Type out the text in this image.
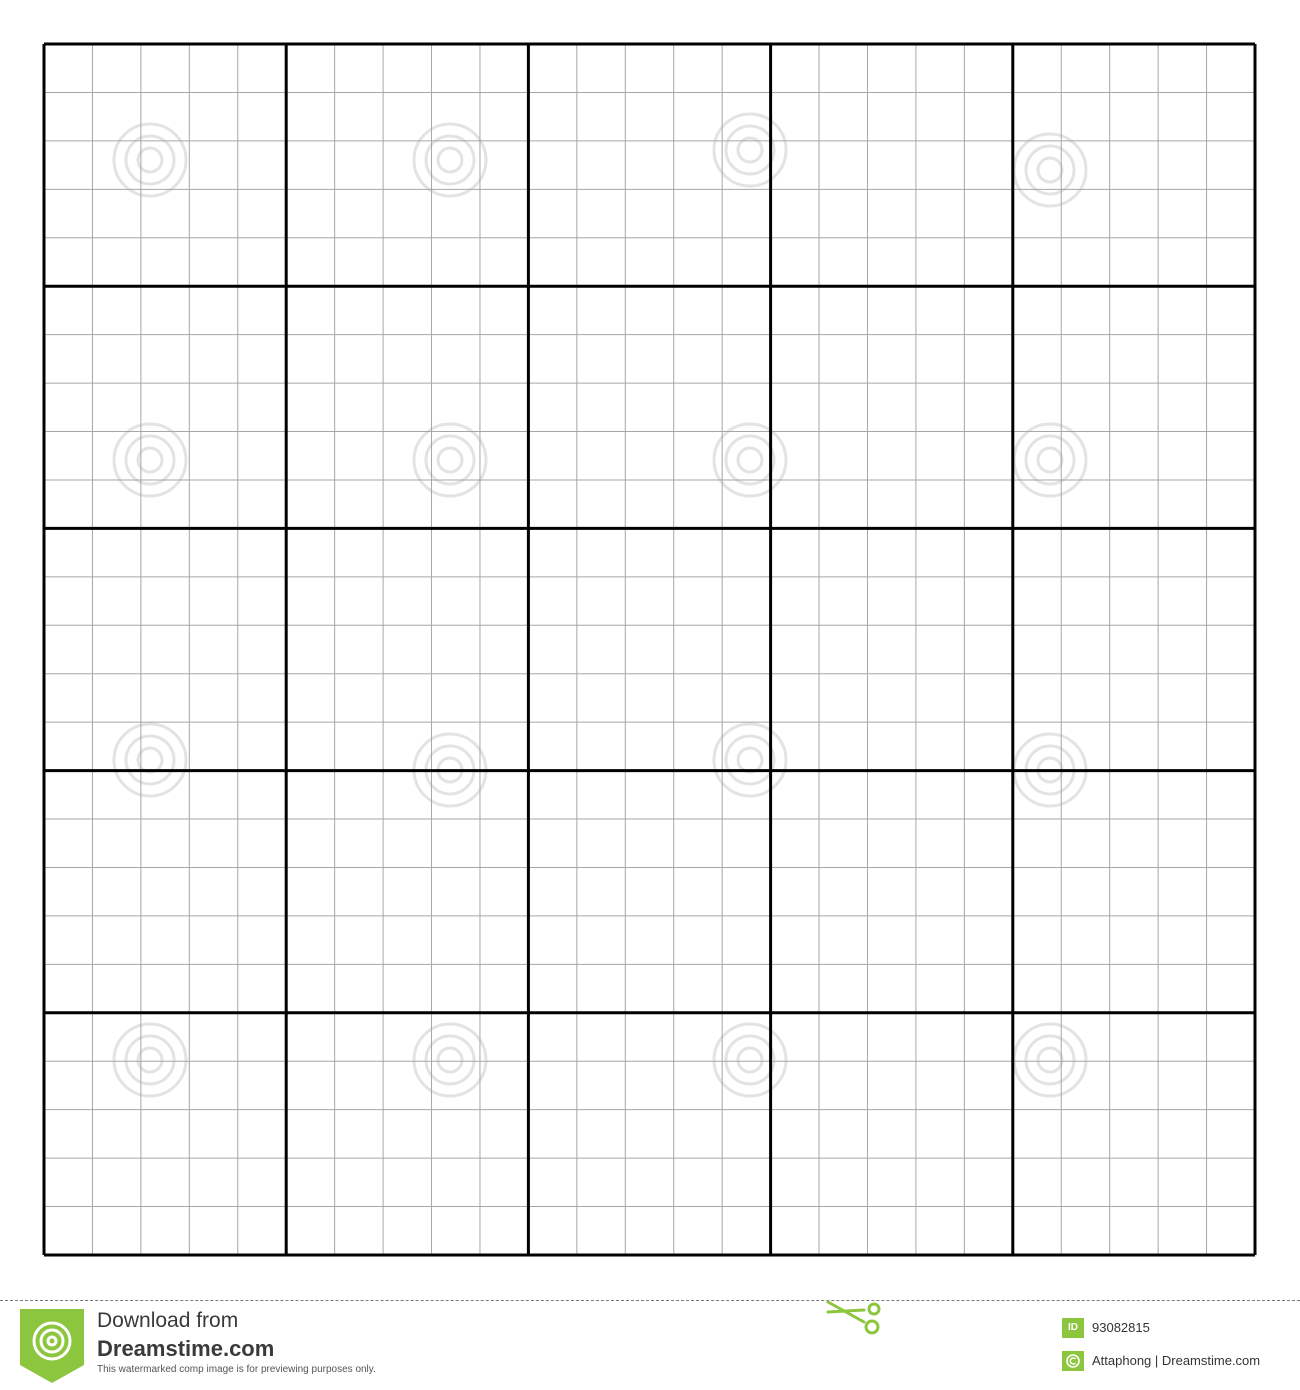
Download from
Dreamstime.com
This watermarked comp image is for previewing purposes only.
ID	93082815
Attaphong | Dreamstime.com
